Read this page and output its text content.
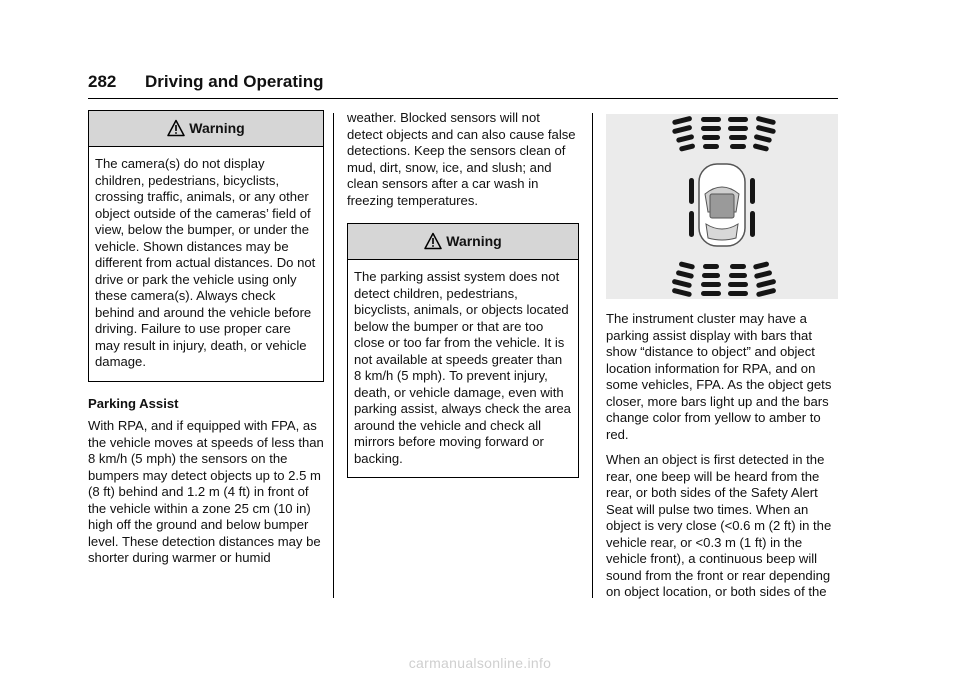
282 Driving and Operating
Warning
The camera(s) do not display children, pedestrians, bicyclists, crossing traffic, animals, or any other object outside of the cameras’ field of view, below the bumper, or under the vehicle. Shown distances may be different from actual distances. Do not drive or park the vehicle using only these camera(s). Always check behind and around the vehicle before driving. Failure to use proper care may result in injury, death, or vehicle damage.
Parking Assist
With RPA, and if equipped with FPA, as the vehicle moves at speeds of less than 8 km/h (5 mph) the sensors on the bumpers may detect objects up to 2.5 m (8 ft) behind and 1.2 m (4 ft) in front of the vehicle within a zone 25 cm (10 in) high off the ground and below bumper level. These detection distances may be shorter during warmer or humid
weather. Blocked sensors will not detect objects and can also cause false detections. Keep the sensors clean of mud, dirt, snow, ice, and slush; and clean sensors after a car wash in freezing temperatures.
Warning
The parking assist system does not detect children, pedestrians, bicyclists, animals, or objects located below the bumper or that are too close or too far from the vehicle. It is not available at speeds greater than 8 km/h (5 mph). To prevent injury, death, or vehicle damage, even with parking assist, always check the area around the vehicle and check all mirrors before moving forward or backing.
The instrument cluster may have a parking assist display with bars that show “distance to object” and object location information for RPA, and on some vehicles, FPA. As the object gets closer, more bars light up and the bars change color from yellow to amber to red.
When an object is first detected in the rear, one beep will be heard from the rear, or both sides of the Safety Alert Seat will pulse two times. When an object is very close (<0.6 m (2 ft) in the vehicle rear, or <0.3 m (1 ft) in the vehicle front), a continuous beep will sound from the front or rear depending on object location, or both sides of the
carmanualsonline.info
